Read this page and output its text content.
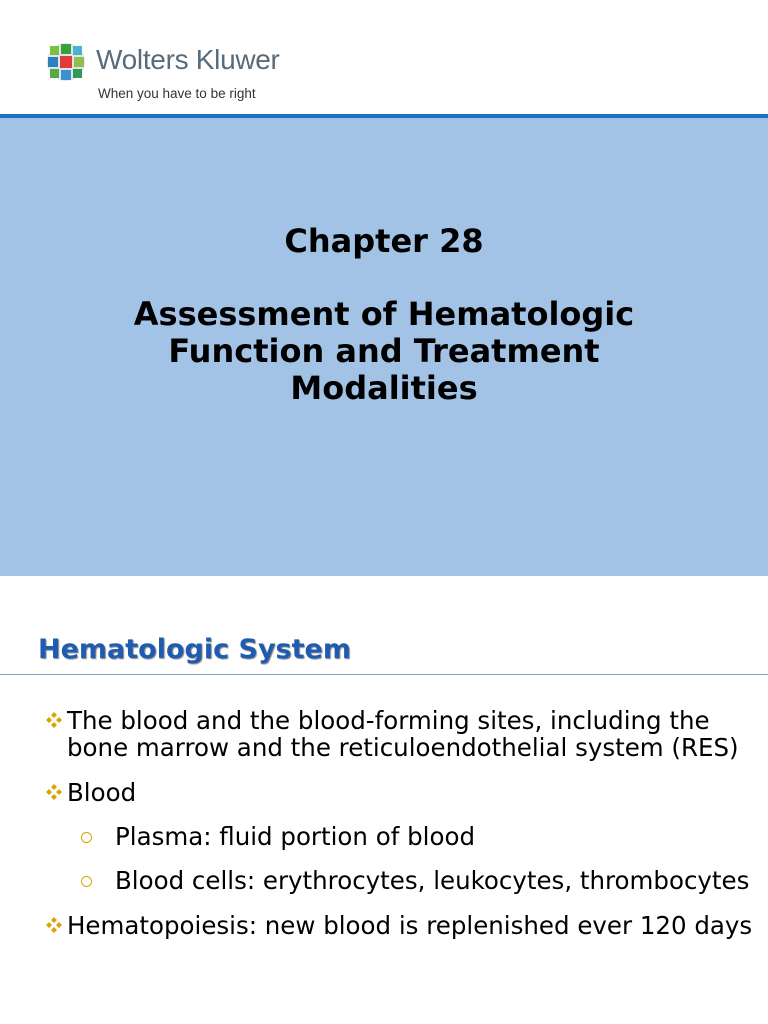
Wolters Kluwer
When you have to be right
Chapter 28
Assessment of Hematologic Function and Treatment Modalities
Hematologic System
The blood and the blood-forming sites, including the bone marrow and the reticuloendothelial system (RES)
Blood
Plasma: fluid portion of blood
Blood cells: erythrocytes, leukocytes, thrombocytes
Hematopoiesis: new blood is replenished ever 120 days
